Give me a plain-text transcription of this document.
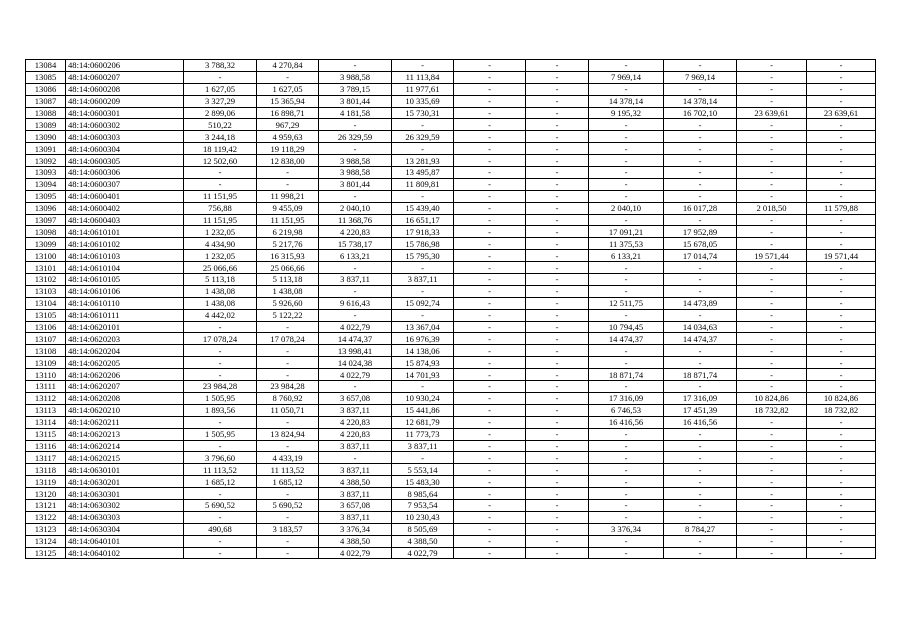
13084	48:14:0600206	3 788,32	4 270,84	-	-	-	-	-	-	-	-
13085	48:14:0600207	-	-	3 988,58	11 113,84	-	-	7 969,14	7 969,14	-	-
13086	48:14:0600208	1 627,05	1 627,05	3 789,15	11 977,61	-	-	-	-	-	-
13087	48:14:0600209	3 327,29	15 365,94	3 801,44	10 335,69	-	-	14 378,14	14 378,14	-	-
13088	48:14:0600301	2 899,06	16 898,71	4 181,58	15 730,31	-	-	9 195,32	16 702,10	23 639,61	23 639,61
13089	48:14:0600302	510,22	967,29	-	-	-	-	-	-	-	-
13090	48:14:0600303	3 244,18	4 959,63	26 329,59	26 329,59	-	-	-	-	-	-
13091	48:14:0600304	18 119,42	19 118,29	-	-	-	-	-	-	-	-
13092	48:14:0600305	12 502,60	12 838,00	3 988,58	13 281,93	-	-	-	-	-	-
13093	48:14:0600306	-	-	3 988,58	13 495,87	-	-	-	-	-	-
13094	48:14:0600307	-	-	3 801,44	11 809,81	-	-	-	-	-	-
13095	48:14:0600401	11 151,95	11 998,21	-	-	-	-	-	-	-	-
13096	48:14:0600402	756,88	9 455,09	2 040,10	15 439,40	-	-	2 040,10	16 017,28	2 018,50	11 579,88
13097	48:14:0600403	11 151,95	11 151,95	11 368,76	16 651,17	-	-	-	-	-	-
13098	48:14:0610101	1 232,05	6 219,98	4 220,83	17 918,33	-	-	17 091,21	17 952,89	-	-
13099	48:14:0610102	4 434,90	5 217,76	15 738,17	15 786,98	-	-	11 375,53	15 678,05	-	-
13100	48:14:0610103	1 232,05	16 315,93	6 133,21	15 795,30	-	-	6 133,21	17 014,74	19 571,44	19 571,44
13101	48:14:0610104	25 066,66	25 066,66	-	-	-	-	-	-	-	-
13102	48:14:0610105	5 113,18	5 113,18	3 837,11	3 837,11	-	-	-	-	-	-
13103	48:14:0610106	1 438,08	1 438,08	-	-	-	-	-	-	-	-
13104	48:14:0610110	1 438,08	5 926,60	9 616,43	15 092,74	-	-	12 511,75	14 473,89	-	-
13105	48:14:0610111	4 442,02	5 122,22	-	-	-	-	-	-	-	-
13106	48:14:0620101	-	-	4 022,79	13 367,04	-	-	10 794,45	14 034,63	-	-
13107	48:14:0620203	17 078,24	17 078,24	14 474,37	16 976,39	-	-	14 474,37	14 474,37	-	-
13108	48:14:0620204	-	-	13 998,41	14 138,06	-	-	-	-	-	-
13109	48:14:0620205	-	-	14 024,38	15 874,93	-	-	-	-	-	-
13110	48:14:0620206	-	-	4 022,79	14 701,93	-	-	18 871,74	18 871,74	-	-
13111	48:14:0620207	23 984,28	23 984,28	-	-	-	-	-	-	-	-
13112	48:14:0620208	1 505,95	8 760,92	3 657,08	10 930,24	-	-	17 316,09	17 316,09	10 824,86	10 824,86
13113	48:14:0620210	1 893,56	11 050,71	3 837,11	15 441,86	-	-	6 746,53	17 451,39	18 732,82	18 732,82
13114	48:14:0620211	-	-	4 220,83	12 681,79	-	-	16 416,56	16 416,56	-	-
13115	48:14:0620213	1 505,95	13 824,94	4 220,83	11 773,73	-	-	-	-	-	-
13116	48:14:0620214	-	-	3 837,11	3 837,11	-	-	-	-	-	-
13117	48:14:0620215	3 796,60	4 433,19	-	-	-	-	-	-	-	-
13118	48:14:0630101	11 113,52	11 113,52	3 837,11	5 553,14	-	-	-	-	-	-
13119	48:14:0630201	1 685,12	1 685,12	4 388,50	15 483,30	-	-	-	-	-	-
13120	48:14:0630301	-	-	3 837,11	8 985,64	-	-	-	-	-	-
13121	48:14:0630302	5 690,52	5 690,52	3 657,08	7 953,54	-	-	-	-	-	-
13122	48:14:0630303	-	-	3 837,11	10 230,43	-	-	-	-	-	-
13123	48:14:0630304	490,68	3 183,57	3 376,34	8 505,69	-	-	3 376,34	8 784,27	-	-
13124	48:14:0640101	-	-	4 388,50	4 388,50	-	-	-	-	-	-
13125	48:14:0640102	-	-	4 022,79	4 022,79	-	-	-	-	-	-
